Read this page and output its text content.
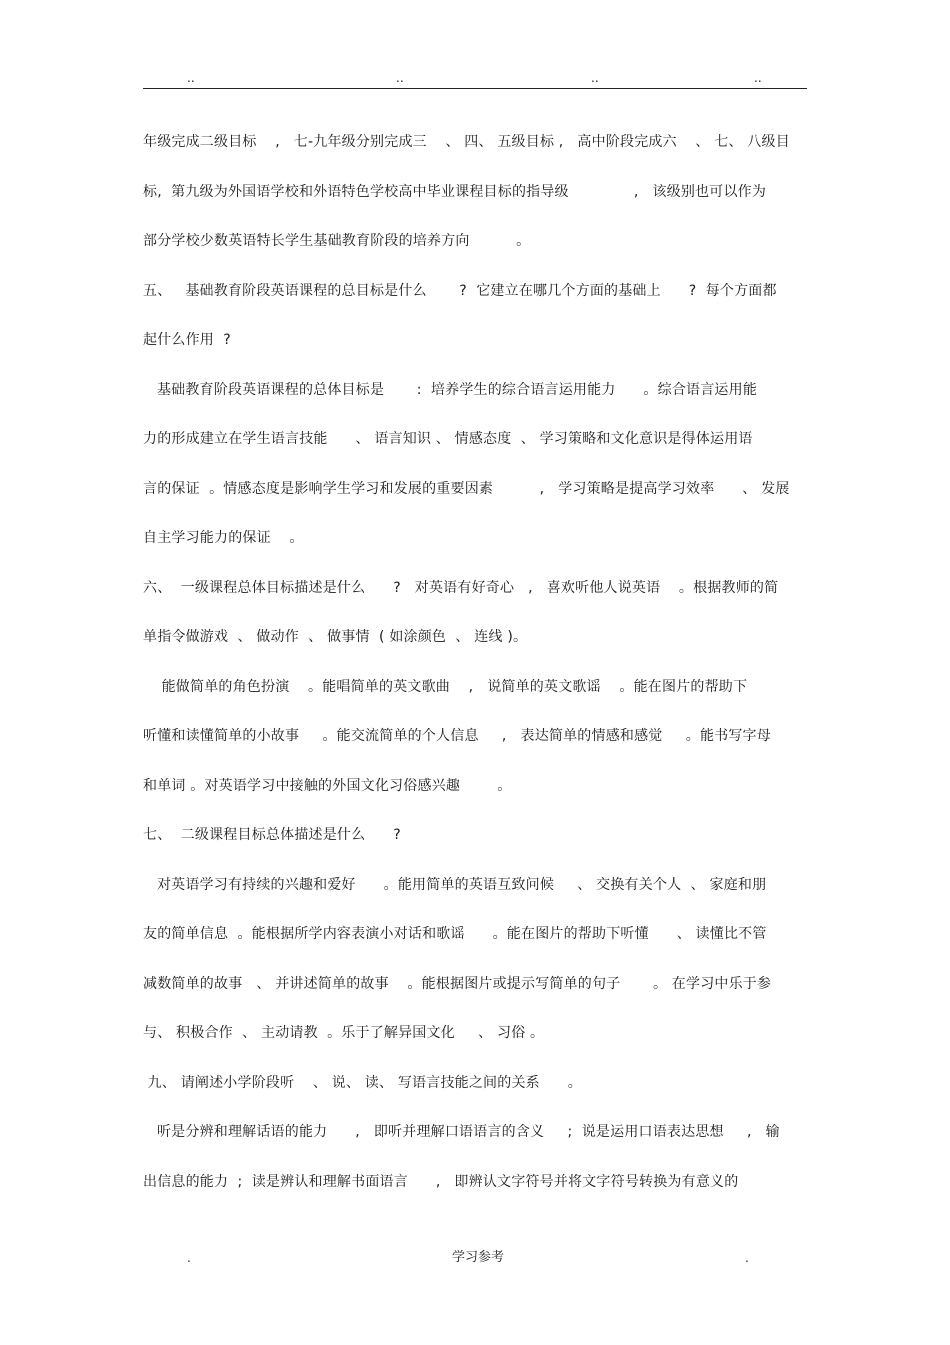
..	..	..	..
年级完成二级目标    ,   七-九年级分别完成三    、 四、 五级目标 ,   高中阶段完成六    、 七、 八级目
标,  第九级为外国语学校和外语特色学校高中毕业课程目标的指导级              ,   该级别也可以作为
部分学校少数英语特长学生基础教育阶段的培养方向          。
五、   基础教育阶段英语课程的总目标是什么       ?  它建立在哪几个方面的基础上      ?  每个方面都
起什么作用  ?
基础教育阶段英语课程的总体目标是       :  培养学生的综合语言运用能力      。综合语言运用能
力的形成建立在学生语言技能      、 语言知识 、 情感态度  、 学习策略和文化意识是得体运用语
言的保证  。情感态度是影响学生学习和发展的重要因素          ,   学习策略是提高学习效率      、 发展
自主学习能力的保证    。
六、  一级课程总体目标描述是什么      ?   对英语有好奇心   ,   喜欢听他人说英语    。根据教师的简
单指令做游戏  、 做动作  、 做事情  ( 如涂颜色  、 连线 )。
能做简单的角色扮演    。能唱简单的英文歌曲    ,   说简单的英文歌谣    。能在图片的帮助下
听懂和读懂简单的小故事     。能交流简单的个人信息     ,   表达简单的情感和感觉     。能书写字母
和单词 。对英语学习中接触的外国文化习俗感兴趣        。
七、  二级课程目标总体描述是什么      ?
对英语学习有持续的兴趣和爱好      。能用简单的英语互致问候     、 交换有关个人  、 家庭和朋
友的简单信息  。能根据所学内容表演小对话和歌谣      。能在图片的帮助下听懂      、 读懂比不管
减数简单的故事   、 并讲述简单的故事    。能根据图片或提示写简单的句子       。 在学习中乐于参
与、 积极合作  、 主动请教  。乐于了解异国文化     、 习俗 。
九、 请阐述小学阶段听    、 说、 读、 写语言技能之间的关系      。
听是分辨和理解话语的能力      ,   即听并理解口语语言的含义     ;  说是运用口语表达思想     ,   输
出信息的能力  ;  读是辨认和理解书面语言      ,   即辨认文字符号并将文字符号转换为有意义的
.	学习参考	.
